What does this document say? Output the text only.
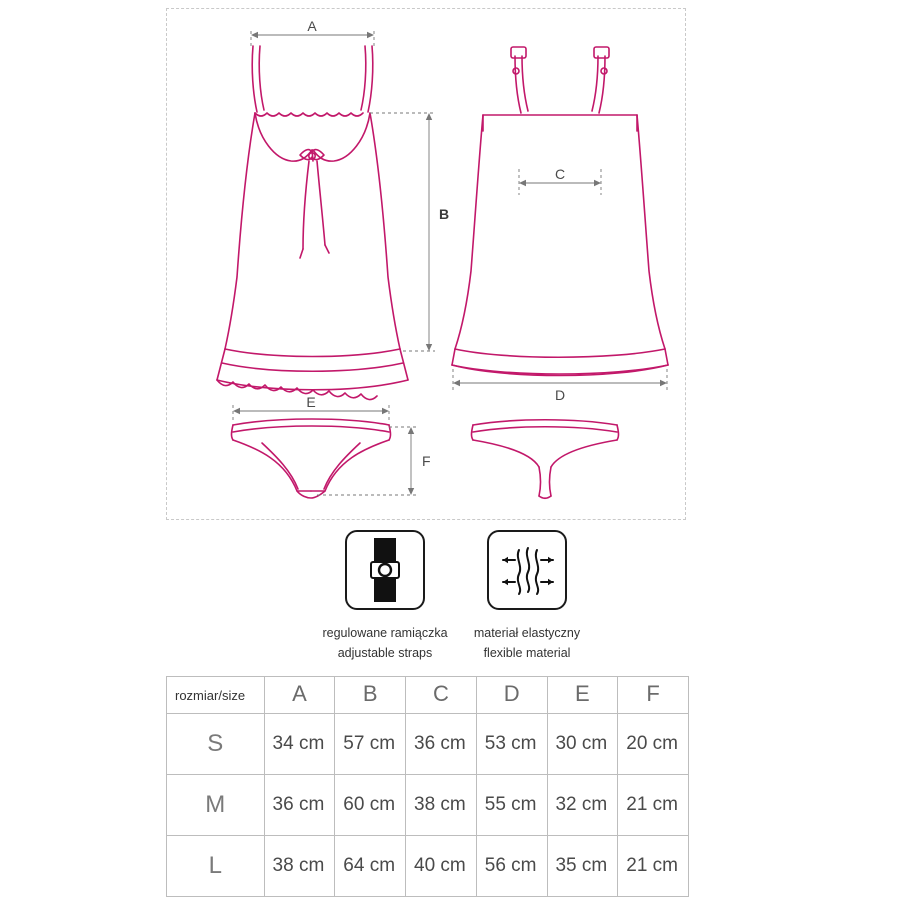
A
B
C
D
E
F
regulowane ramiączka
adjustable straps
materiał elastyczny
flexible material
rozmiar/size	A	B	C	D	E	F
S	34 cm	57 cm	36 cm	53 cm	30 cm	20 cm
M	36 cm	60 cm	38 cm	55 cm	32 cm	21 cm
L	38 cm	64 cm	40 cm	56 cm	35 cm	21 cm
